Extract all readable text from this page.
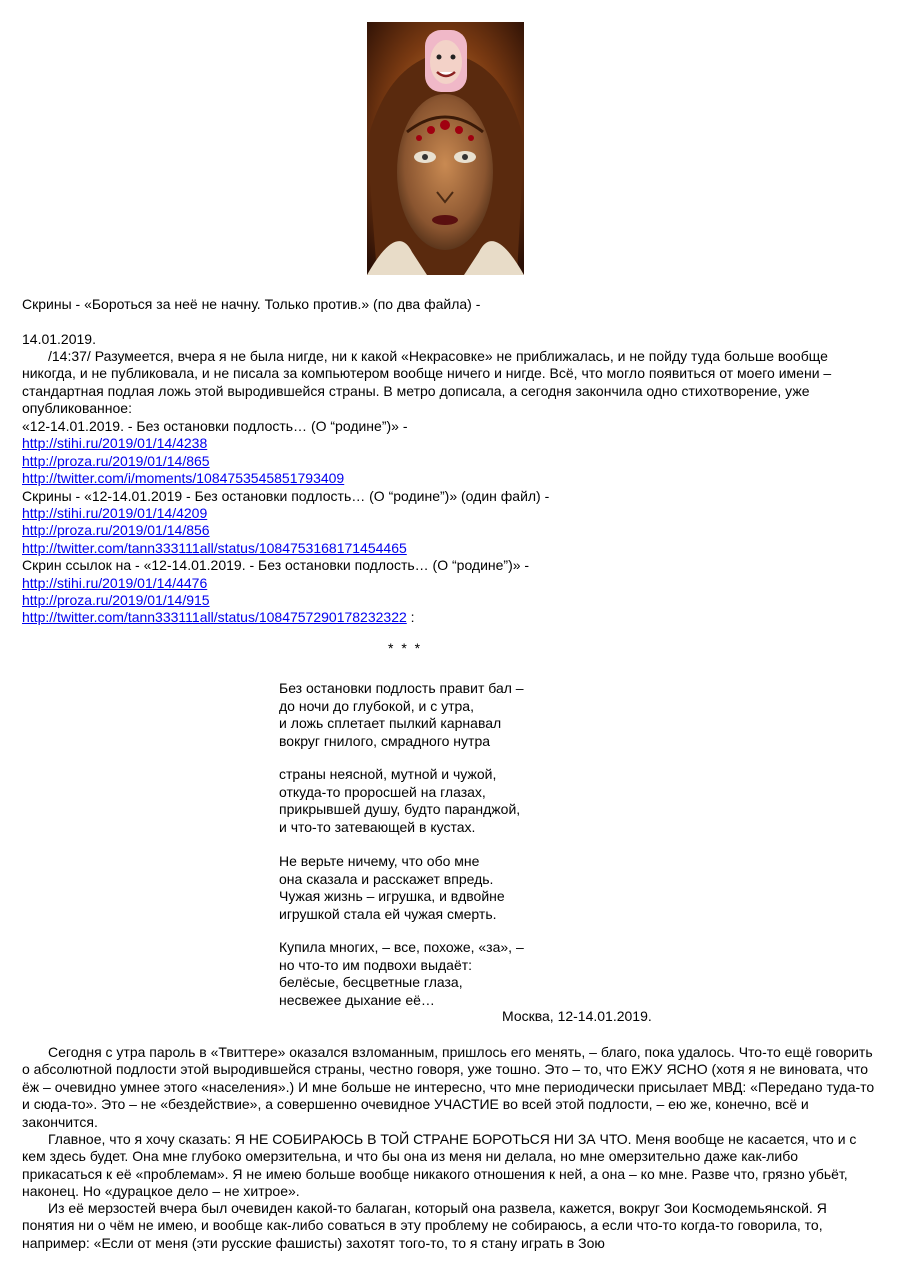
Скрины - «Бороться за неё не начну. Только против.» (по два файла) -
14.01.2019.
/14:37/ Разумеется, вчера я не была нигде, ни к какой «Некрасовке» не приближалась, и не пойду туда больше вообще никогда, и не публиковала, и не писала за компьютером вообще ничего и нигде. Всё, что могло появиться от моего имени – стандартная подлая ложь этой выродившейся страны. В метро дописала, а сегодня закончила одно стихотворение, уже опубликованное:
«12-14.01.2019. - Без остановки подлость… (О “родине”)» -
http://stihi.ru/2019/01/14/4238
http://proza.ru/2019/01/14/865
http://twitter.com/i/moments/1084753545851793409
Скрины - «12-14.01.2019 - Без остановки подлость… (О “родине”)» (один файл) -
http://stihi.ru/2019/01/14/4209
http://proza.ru/2019/01/14/856
http://twitter.com/tann333111all/status/1084753168171454465
Скрин ссылок на - «12-14.01.2019. - Без остановки подлость… (О “родине”)» -
http://stihi.ru/2019/01/14/4476
http://proza.ru/2019/01/14/915
http://twitter.com/tann333111all/status/1084757290178232322 :
* * *
Без остановки подлость правит бал –
до ночи до глубокой, и с утра,
и ложь сплетает пылкий карнавал
вокруг гнилого, смрадного нутра
страны неясной, мутной и чужой,
откуда-то проросшей на глазах,
прикрывшей душу, будто паранджой,
и что-то затевающей в кустах.
Не верьте ничему, что обо мне
она сказала и расскажет впредь.
Чужая жизнь – игрушка, и вдвойне
игрушкой стала ей чужая смерть.
Купила многих, – все, похоже, «за», –
но что-то им подвохи выдаёт:
белёсые, бесцветные глаза,
несвежее дыхание её…
Москва, 12-14.01.2019.
Сегодня с утра пароль в «Твиттере» оказался взломанным, пришлось его менять, – благо, пока удалось. Что-то ещё говорить о абсолютной подлости этой выродившейся страны, честно говоря, уже тошно. Это – то, что ЕЖУ ЯСНО (хотя я не виновата, что ёж – очевидно умнее этого «населения».) И мне больше не интересно, что мне периодически присылает МВД: «Передано туда-то и сюда-то». Это – не «бездействие», а совершенно очевидное УЧАСТИЕ во всей этой подлости, – ею же, конечно, всё и закончится.
Главное, что я хочу сказать: Я НЕ СОБИРАЮСЬ В ТОЙ СТРАНЕ БОРОТЬСЯ НИ ЗА ЧТО. Меня вообще не касается, что и с кем здесь будет. Она мне глубоко омерзительна, и что бы она из меня ни делала, но мне омерзительно даже как-либо прикасаться к её «проблемам». Я не имею больше вообще никакого отношения к ней, а она – ко мне. Разве что, грязно убьёт, наконец. Но «дурацкое дело – не хитрое».
Из её мерзостей вчера был очевиден какой-то балаган, который она развела, кажется, вокруг Зои Космодемьянской. Я понятия ни о чём не имею, и вообще как-либо соваться в эту проблему не собираюсь, а если что-то когда-то говорила, то, например: «Если от меня (эти русские фашисты) захотят того-то, то я стану играть в Зою
